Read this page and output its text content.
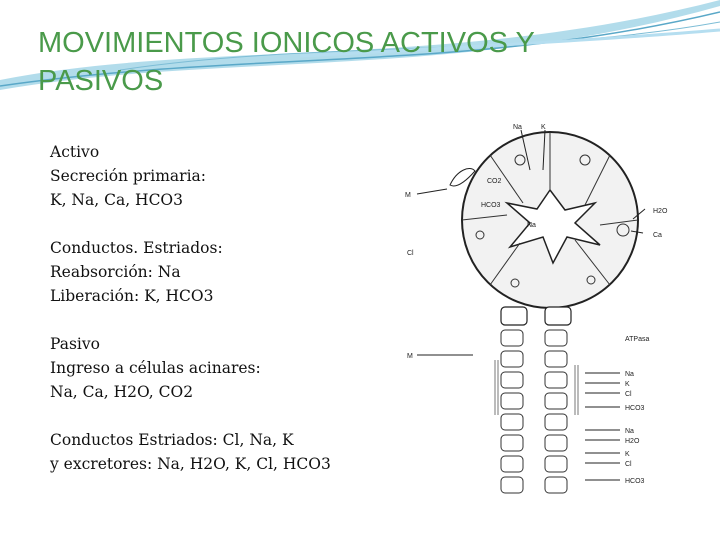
MOVIMIENTOS IONICOS ACTIVOS Y PASIVOS
Activo
Secreción primaria:
K, Na, Ca, HCO3
Conductos. Estriados:
Reabsorción: Na
Liberación: K, HCO3
Pasivo
Ingreso a células acinares:
Na, Ca, H2O, CO2
Conductos Estriados: Cl, Na, K
y excretores: Na, H2O, K, Cl, HCO3
Na	K
M
CO2
HCO3
Na
H2O
Ca
Cl
M
ATPasa
Na
K
Cl
HCO3
Na
H2O
K
Cl
HCO3
